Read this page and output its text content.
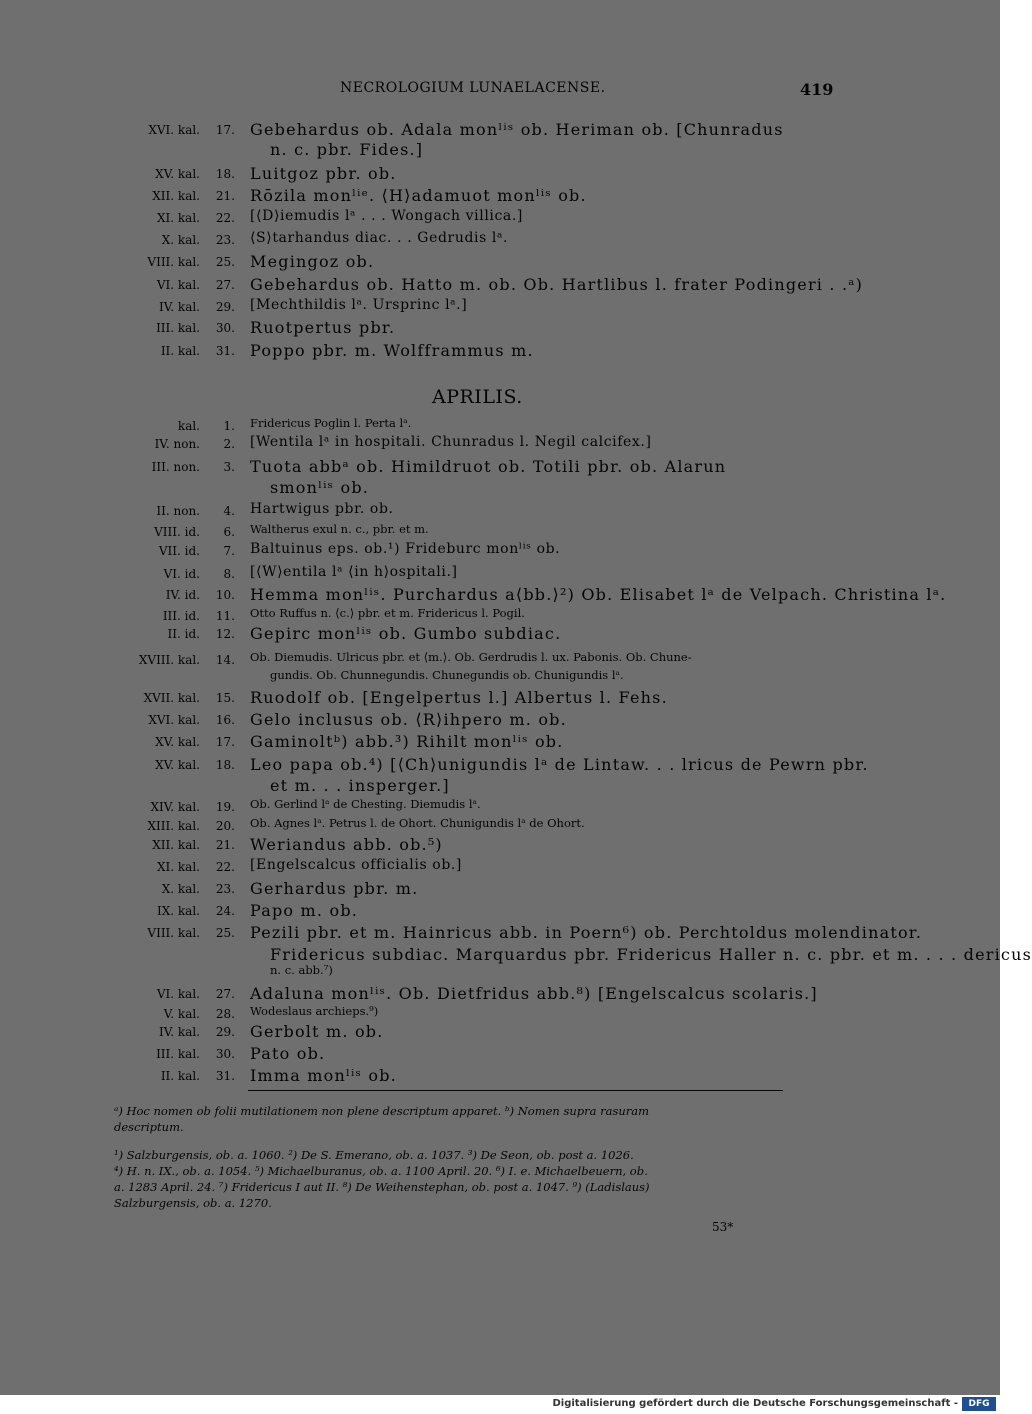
NECROLOGIUM LUNAELACENSE.	419
XVI. kal.	17. Gebehardus ob. Adala monˡⁱˢ ob. Heriman ob. [Chunradus
n. c. pbr. Fides.]
XV. kal.	18. Luitgoz pbr. ob.
XII. kal.	21. Rōzila monˡⁱᵉ. ⟨H⟩adamuot monˡⁱˢ ob.
XI. kal.	22. [⟨D⟩iemudis lᵃ . . . Wongach villica.]
X. kal.	23. ⟨S⟩tarhandus diac. . . Gedrudis lᵃ.
VIII. kal.	25. Megingoz ob.
VI. kal.	27. Gebehardus ob. Hatto m. ob. Ob. Hartlibus l. frater Podingeri . .ᵃ)
IV. kal.	29. [Mechthildis lᵃ. Ursprinc lᵃ.]
III. kal.	30. Ruotpertus pbr.
II. kal.	31. Poppo pbr. m. Wolfframmus m.
APRILIS.
kal.	1. Fridericus Poglin l. Perta lᵃ.
IV. non.	2. [Wentila lᵃ in hospitali. Chunradus l. Negil calcifex.]
III. non.	3. Tuota abbᵃ ob. Himildruot ob. Totili pbr. ob. Alarun
smonˡⁱˢ ob.
II. non.	4. Hartwigus pbr. ob.
VIII. id.	6. Waltherus exul n. c., pbr. et m.
VII. id.	7. Baltuinus eps. ob.¹) Frideburc monˡⁱˢ ob.
VI. id.	8. [⟨W⟩entila lᵃ ⟨in h⟩ospitali.]
IV. id.	10. Hemma monˡⁱˢ. Purchardus a⟨bb.⟩²) Ob. Elisabet lᵃ de Velpach. Christina lᵃ.
III. id.	11. Otto Ruffus n. ⟨c.⟩ pbr. et m. Fridericus l. Pogil.
II. id.	12. Gepirc monˡⁱˢ ob. Gumbo subdiac.
XVIII. kal.	14. Ob. Diemudis. Ulricus pbr. et ⟨m.⟩. Ob. Gerdrudis l. ux. Pabonis. Ob. Chune-
gundis. Ob. Chunnegundis. Chunegundis ob. Chunigundis lᵃ.
XVII. kal.	15. Ruodolf ob. [Engelpertus l.] Albertus l. Fehs.
XVI. kal.	16. Gelo inclusus ob. ⟨R⟩ihpero m. ob.
XV. kal.	17. Gaminoltᵇ) abb.³) Rihilt monˡⁱˢ ob.
XV. kal.	18. Leo papa ob.⁴) [⟨Ch⟩unigundis lᵃ de Lintaw. . . lricus de Pewrn pbr.
et m. . . insperger.]
XIV. kal.	19. Ob. Gerlind lᵃ de Chesting. Diemudis lᵃ.
XIII. kal.	20. Ob. Agnes lᵃ. Petrus l. de Ohort. Chunigundis lᵃ de Ohort.
XII. kal.	21. Weriandus abb. ob.⁵)
XI. kal.	22. [Engelscalcus officialis ob.]
X. kal.	23. Gerhardus pbr. m.
IX. kal.	24. Papo m. ob.
VIII. kal.	25. Pezili pbr. et m. Hainricus abb. in Poern⁶) ob. Perchtoldus molendinator.
Fridericus subdiac. Marquardus pbr. Fridericus Haller n. c. pbr. et m. . . . dericus
n. c. abb.⁷)
VI. kal.	27. Adaluna monˡⁱˢ. Ob. Dietfridus abb.⁸) [Engelscalcus scolaris.]
V. kal.	28. Wodeslaus archieps.⁹)
IV. kal.	29. Gerbolt m. ob.
III. kal.	30. Pato ob.
II. kal.	31. Imma monˡⁱˢ ob.
ᵃ) Hoc nomen ob folii mutilationem non plene descriptum apparet. ᵇ) Nomen supra rasuram
descriptum.
¹) Salzburgensis, ob. a. 1060. ²) De S. Emerano, ob. a. 1037. ³) De Seon, ob. post a. 1026.
⁴) H. n. IX., ob. a. 1054. ⁵) Michaelburanus, ob. a. 1100 April. 20. ⁶) I. e. Michaelbeuern, ob.
a. 1283 April. 24. ⁷) Fridericus I aut II. ⁸) De Weihenstephan, ob. post a. 1047. ⁹) (Ladislaus)
Salzburgensis, ob. a. 1270.
53*
Digitalisierung gefördert durch die Deutsche Forschungsgemeinschaft -	DFG
